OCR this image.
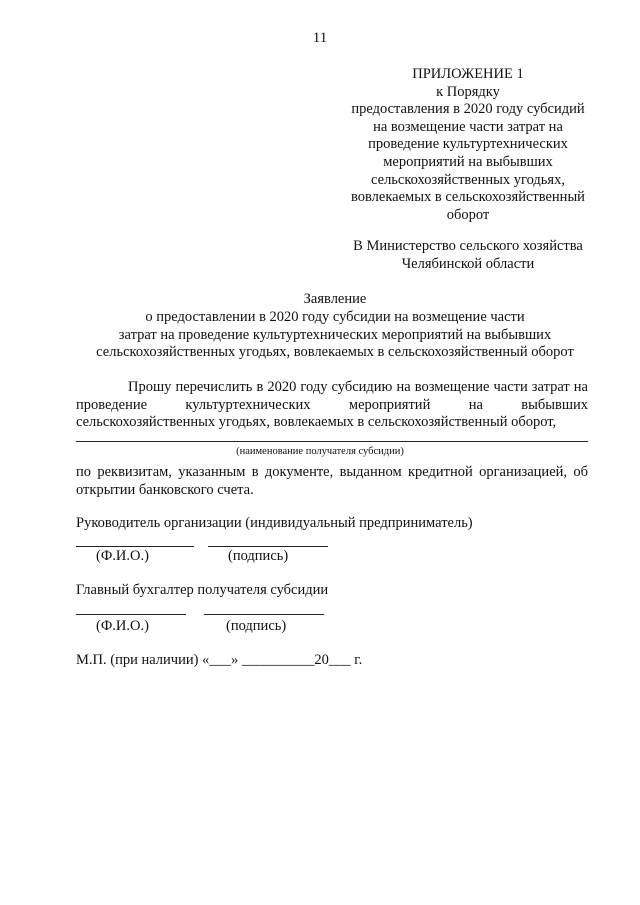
11
ПРИЛОЖЕНИЕ 1
к Порядку
предоставления в 2020 году субсидий
на возмещение части затрат на
проведение культуртехнических
мероприятий на выбывших
сельскохозяйственных угодьях,
вовлекаемых в сельскохозяйственный
оборот
В Министерство сельского хозяйства
Челябинской области
Заявление
о предоставлении в 2020 году субсидии на возмещение части
затрат на проведение культуртехнических мероприятий на выбывших
сельскохозяйственных угодьях, вовлекаемых в сельскохозяйственный оборот
Прошу перечислить в 2020 году субсидию на возмещение части затрат на проведение культуртехнических мероприятий на выбывших сельскохозяйственных угодьях, вовлекаемых в сельскохозяйственный оборот,
(наименование получателя субсидии)
по реквизитам, указанным в документе, выданном кредитной организацией, об открытии банковского счета.
Руководитель организации (индивидуальный предприниматель)
(Ф.И.О.)	(подпись)
Главный бухгалтер получателя субсидии
(Ф.И.О.)	(подпись)
М.П. (при наличии) «___» __________20___ г.
